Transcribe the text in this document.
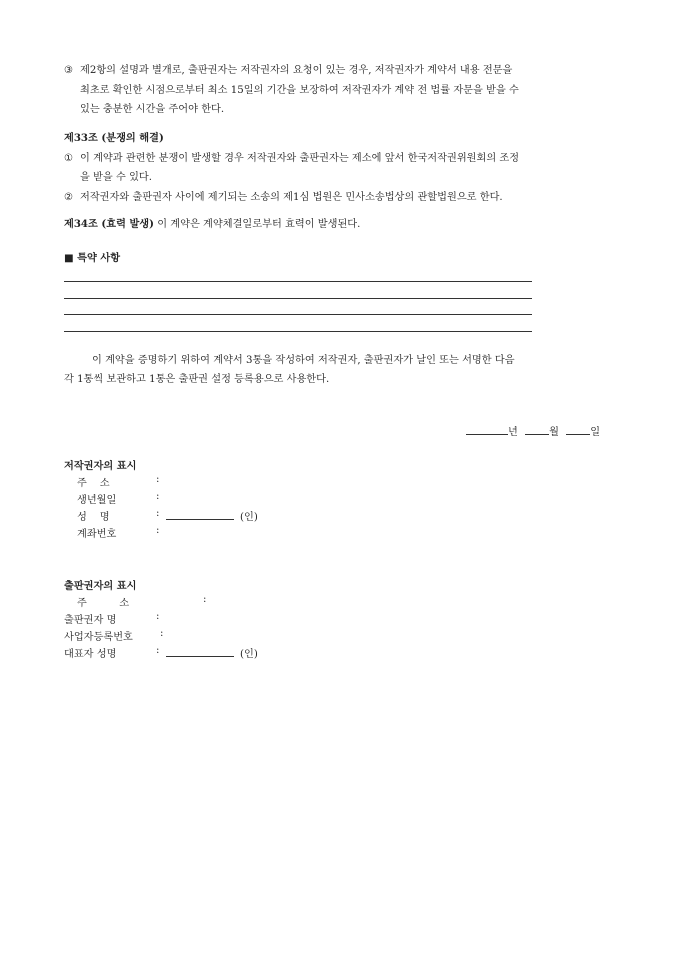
③ 제2항의 설명과 별개로, 출판권자는 저작권자의 요청이 있는 경우, 저작권자가 계약서 내용 전문을
최초로 확인한 시점으로부터 최소 15일의 기간을 보장하여 저작권자가 계약 전 법률 자문을 받을 수
있는 충분한 시간을 주어야 한다.
제33조 (분쟁의 해결)
① 이 계약과 관련한 분쟁이 발생할 경우 저작권자와 출판권자는 제소에 앞서 한국저작권위원회의 조정
을 받을 수 있다.
② 저작권자와 출판권자 사이에 제기되는 소송의 제1심 법원은 민사소송법상의 관할법원으로 한다.
제34조 (효력 발생) 이 계약은 계약체결일로부터 효력이 발생된다.
■ 특약 사항
이 계약을 증명하기 위하여 계약서 3통을 작성하여 저작권자, 출판권자가 날인 또는 서명한 다음
각 1통씩 보관하고 1통은 출판권 설정 등록용으로 사용한다.
년	월	일
저작권자의 표시
주    소	:
생년월일	:
성    명	:	(인)
계좌번호	:
출판권자의 표시
주          소	:
출판권자 명	:
사업자등록번호	:
대표자 성명	:	(인)
